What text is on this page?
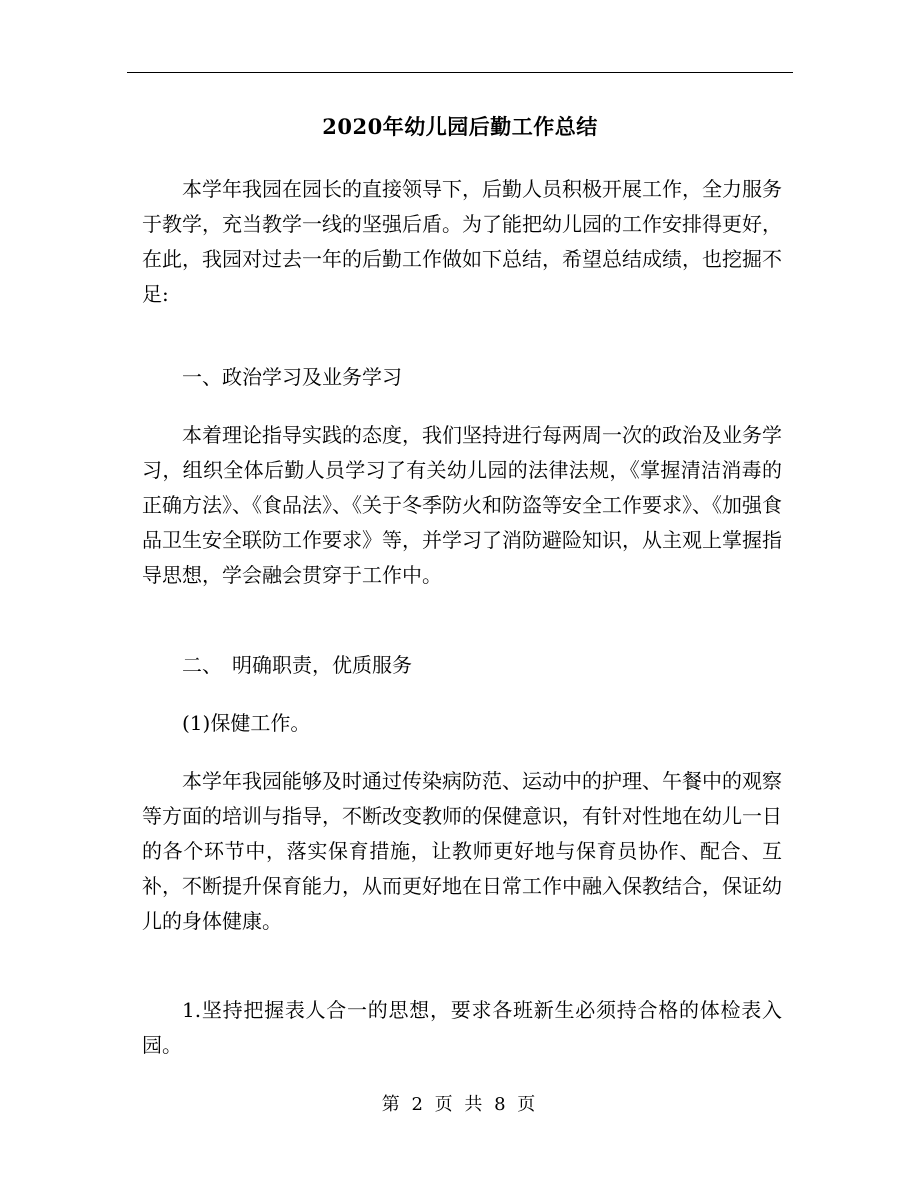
2020年幼儿园后勤工作总结

本学年我园在园长的直接领导下，后勤人员积极开展工作，全力服务于教学，充当教学一线的坚强后盾。为了能把幼儿园的工作安排得更好，在此，我园对过去一年的后勤工作做如下总结，希望总结成绩，也挖掘不足:

一、政治学习及业务学习

本着理论指导实践的态度，我们坚持进行每两周一次的政治及业务学习，组织全体后勤人员学习了有关幼儿园的法律法规，《掌握清洁消毒的正确方法》、《食品法》、《关于冬季防火和防盗等安全工作要求》、《加强食品卫生安全联防工作要求》等，并学习了消防避险知识，从主观上掌握指导思想，学会融会贯穿于工作中。

二、　明确职责，优质服务

(1)保健工作。

本学年我园能够及时通过传染病防范、运动中的护理、午餐中的观察等方面的培训与指导，不断改变教师的保健意识，有针对性地在幼儿一日的各个环节中，落实保育措施，让教师更好地与保育员协作、配合、互补，不断提升保育能力，从而更好地在日常工作中融入保教结合，保证幼儿的身体健康。

1.坚持把握表人合一的思想，要求各班新生必须持合格的体检表入园。

第 2 页 共 8 页
